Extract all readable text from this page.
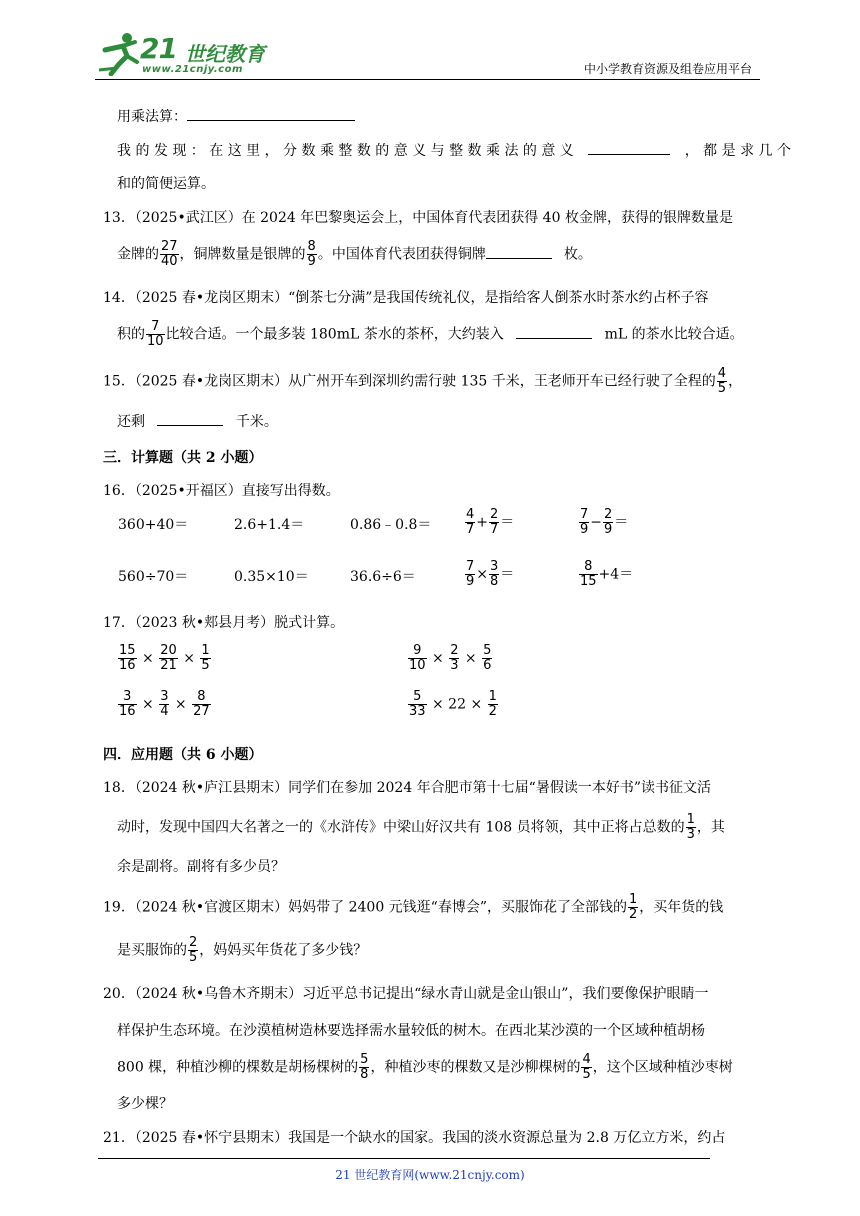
21 世纪教育
www.21cnjy.com	中小学教育资源及组卷应用平台
用乘法算：
我 的 发 现 ： 在 这 里 ， 分 数 乘 整 数 的 意 义 与 整 数 乘 法 的 意 义	， 都 是 求 几 个
和的简便运算。
13．（2025•武江区）在 2024 年巴黎奥运会上，中国体育代表团获得 40 枚金牌，获得的银牌数量是
金牌的 $\frac{27}{40}$ ，铜牌数量是银牌的 $\frac{8}{9}$ 。中国体育代表团获得铜牌	枚。
14．（2025 春•龙岗区期末）“倒茶七分满”是我国传统礼仪，是指给客人倒茶水时茶水约占杯子容
积的 $\frac{7}{10}$ 比较合适。一个最多装 180mL 茶水的茶杯，大约装入	mL 的茶水比较合适。
15．（2025 春•龙岗区期末）从广州开车到深圳约需行驶 135 千米，王老师开车已经行驶了全程的 $\frac{4}{5}$ ，
还剩	千米。
三．计算题（共 2 小题）
16．（2025•开福区）直接写出得数。
360+40＝	2.6+1.4＝	0.86﹣0.8＝	$\frac{4}{7} + \frac{2}{7}$ ＝	$\frac{7}{9} - \frac{2}{9}$ ＝
560÷70＝	0.35×10＝	36.6÷6＝	$\frac{7}{9} \times \frac{3}{8}$ ＝	$\frac{8}{15} +4=$
17．（2023 秋•郏县月考）脱式计算。
$\frac{15}{16} \times \frac{20}{21} \times \frac{1}{5}$	$\frac{9}{10} \times \frac{2}{3} \times \frac{5}{6}$
$\frac{3}{16} \times \frac{3}{4} \times \frac{8}{27}$	$\frac{5}{33} \times 22 \times \frac{1}{2}$
四．应用题（共 6 小题）
18．（2024 秋•庐江县期末）同学们在参加 2024 年合肥市第十七届“暑假读一本好书”读书征文活
动时，发现中国四大名著之一的《水浒传》中梁山好汉共有 108 员将领，其中正将占总数的 $\frac{1}{3}$ ，其
余是副将。副将有多少员？
19．（2024 秋•官渡区期末）妈妈带了 2400 元钱逛“春博会”，买服饰花了全部钱的 $\frac{1}{2}$ ，买年货的钱
是买服饰的 $\frac{2}{5}$ ，妈妈买年货花了多少钱？
20．（2024 秋•乌鲁木齐期末）习近平总书记提出“绿水青山就是金山银山”，我们要像保护眼睛一
样保护生态环境。在沙漠植树造林要选择需水量较低的树木。在西北某沙漠的一个区域种植胡杨
800 棵，种植沙柳的棵数是胡杨棵树的 $\frac{5}{8}$ ，种植沙枣的棵数又是沙柳棵树的 $\frac{4}{5}$ ，这个区域种植沙枣树
多少棵？
21．（2025 春•怀宁县期末）我国是一个缺水的国家。我国的淡水资源总量为 2.8 万亿立方米，约占
21 世纪教育网(www.21cnjy.com)
